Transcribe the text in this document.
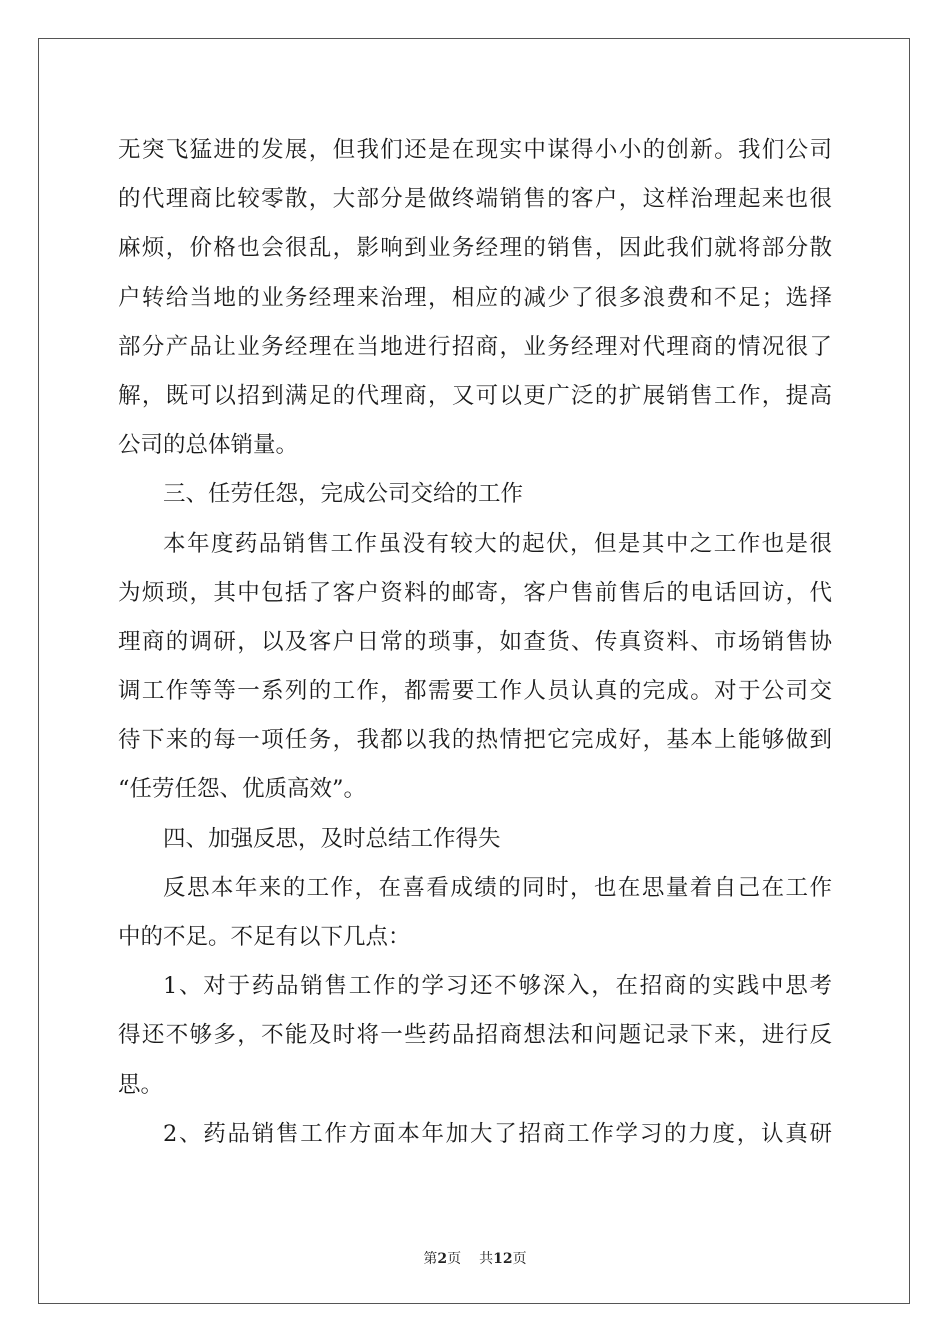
无突飞猛进的发展，但我们还是在现实中谋得小小的创新。我们公司
的代理商比较零散，大部分是做终端销售的客户，这样治理起来也很
麻烦，价格也会很乱，影响到业务经理的销售，因此我们就将部分散
户转给当地的业务经理来治理，相应的减少了很多浪费和不足；选择
部分产品让业务经理在当地进行招商，业务经理对代理商的情况很了
解，既可以招到满足的代理商，又可以更广泛的扩展销售工作，提高
公司的总体销量。
三、任劳任怨，完成公司交给的工作
本年度药品销售工作虽没有较大的起伏，但是其中之工作也是很
为烦琐，其中包括了客户资料的邮寄，客户售前售后的电话回访，代
理商的调研，以及客户日常的琐事，如查货、传真资料、市场销售协
调工作等等一系列的工作，都需要工作人员认真的完成。对于公司交
待下来的每一项任务，我都以我的热情把它完成好，基本上能够做到
“任劳任怨、优质高效”。
四、加强反思，及时总结工作得失
反思本年来的工作，在喜看成绩的同时，也在思量着自己在工作
中的不足。不足有以下几点：
1、对于药品销售工作的学习还不够深入，在招商的实践中思考
得还不够多，不能及时将一些药品招商想法和问题记录下来，进行反
思。
2、药品销售工作方面本年加大了招商工作学习的力度，认真研
第2页 共12页
